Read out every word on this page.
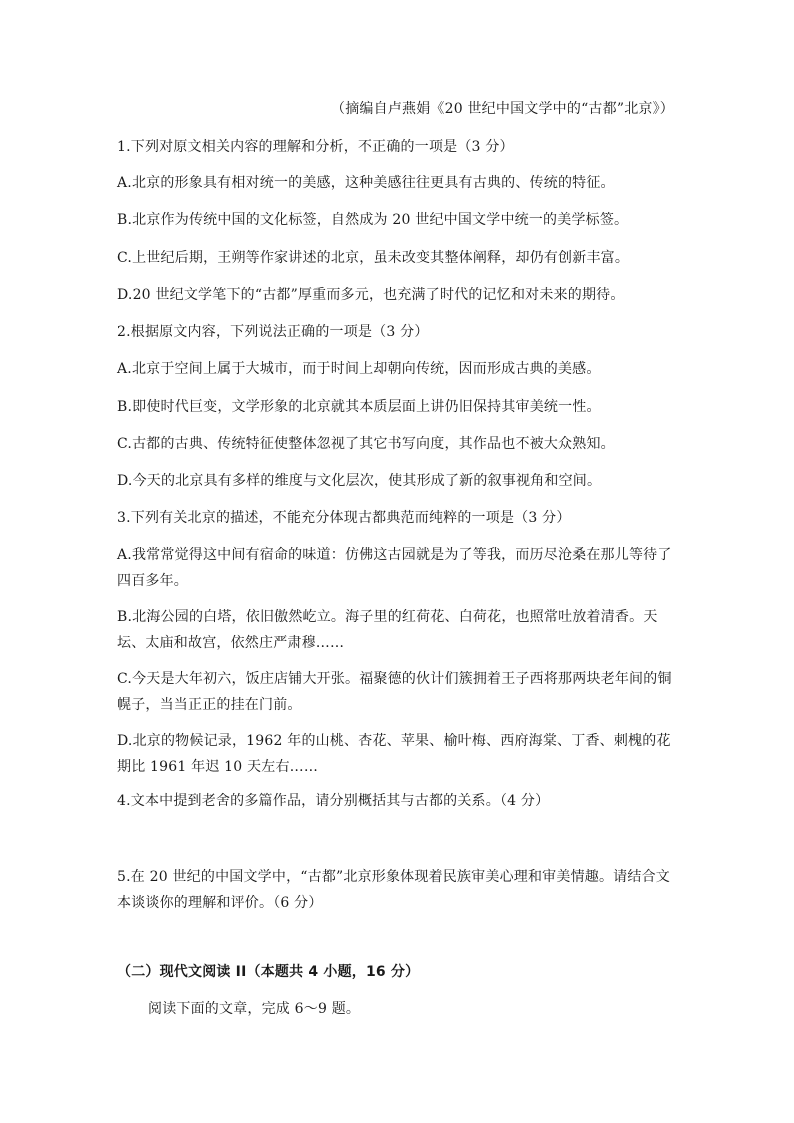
（摘编自卢燕娟《20 世纪中国文学中的“古都”北京》）
1.下列对原文相关内容的理解和分析，不正确的一项是（3 分）
A.北京的形象具有相对统一的美感，这种美感往往更具有古典的、传统的特征。
B.北京作为传统中国的文化标签，自然成为 20 世纪中国文学中统一的美学标签。
C.上世纪后期，王朔等作家讲述的北京，虽未改变其整体阐释，却仍有创新丰富。
D.20 世纪文学笔下的“古都”厚重而多元，也充满了时代的记忆和对未来的期待。
2.根据原文内容，下列说法正确的一项是（3 分）
A.北京于空间上属于大城市，而于时间上却朝向传统，因而形成古典的美感。
B.即使时代巨变，文学形象的北京就其本质层面上讲仍旧保持其审美统一性。
C.古都的古典、传统特征使整体忽视了其它书写向度，其作品也不被大众熟知。
D.今天的北京具有多样的维度与文化层次，使其形成了新的叙事视角和空间。
3.下列有关北京的描述，不能充分体现古都典范而纯粹的一项是（3 分）
A.我常常觉得这中间有宿命的味道：仿佛这古园就是为了等我，而历尽沧桑在那儿等待了四百多年。
B.北海公园的白塔，依旧傲然屹立。海子里的红荷花、白荷花，也照常吐放着清香。天坛、太庙和故宫，依然庄严肃穆……
C.今天是大年初六，饭庄店铺大开张。福聚德的伙计们簇拥着王子西将那两块老年间的铜幌子，当当正正的挂在门前。
D.北京的物候记录，1962 年的山桃、杏花、苹果、榆叶梅、西府海棠、丁香、刺槐的花期比 1961 年迟 10 天左右……
4.文本中提到老舍的多篇作品，请分别概括其与古都的关系。（4 分）
5.在 20 世纪的中国文学中，“古都”北京形象体现着民族审美心理和审美情趣。请结合文本谈谈你的理解和评价。（6 分）
（二）现代文阅读 II（本题共 4 小题，16 分）
阅读下面的文章，完成 6～9 题。
